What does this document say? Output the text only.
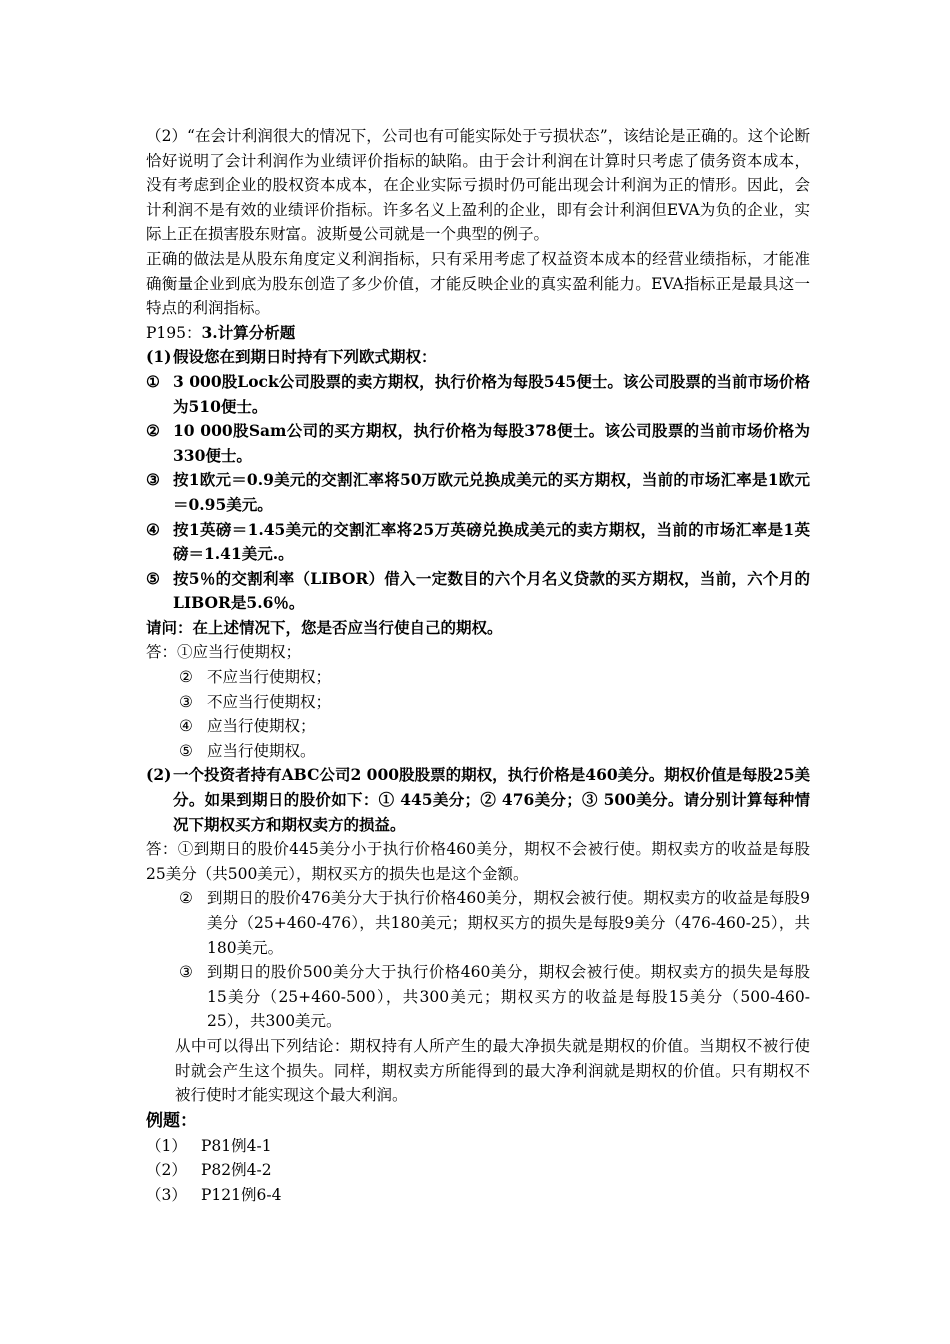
（2）“在会计利润很大的情况下，公司也有可能实际处于亏损状态”，该结论是正确的。这个论断恰好说明了会计利润作为业绩评价指标的缺陷。由于会计利润在计算时只考虑了债务资本成本，没有考虑到企业的股权资本成本，在企业实际亏损时仍可能出现会计利润为正的情形。因此，会计利润不是有效的业绩评价指标。许多名义上盈利的企业，即有会计利润但EVA为负的企业，实际上正在损害股东财富。波斯曼公司就是一个典型的例子。

正确的做法是从股东角度定义利润指标，只有采用考虑了权益资本成本的经营业绩指标，才能准确衡量企业到底为股东创造了多少价值，才能反映企业的真实盈利能力。EVA指标正是最具这一特点的利润指标。

P195：3.计算分析题

(1) 假设您在到期日时持有下列欧式期权：
① 3 000股Lock公司股票的卖方期权，执行价格为每股545便士。该公司股票的当前市场价格为510便士。
② 10 000股Sam公司的买方期权，执行价格为每股378便士。该公司股票的当前市场价格为330便士。
③ 按1欧元＝0.9美元的交割汇率将50万欧元兑换成美元的买方期权，当前的市场汇率是1欧元＝0.95美元。
④ 按1英磅＝1.45美元的交割汇率将25万英磅兑换成美元的卖方期权，当前的市场汇率是1英磅＝1.41美元.。
⑤ 按5％的交割利率（LIBOR）借入一定数目的六个月名义贷款的买方期权，当前，六个月的LIBOR是5.6％。

请问：在上述情况下，您是否应当行使自己的期权。

答：①应当行使期权；

② 不应当行使期权；
③ 不应当行使期权；
④ 应当行使期权；
⑤ 应当行使期权。
(2) 一个投资者持有ABC公司2 000股股票的期权，执行价格是460美分。期权价值是每股25美分。如果到期日的股价如下：① 445美分；② 476美分；③ 500美分。请分别计算每种情况下期权买方和期权卖方的损益。

答：①到期日的股价445美分小于执行价格460美分，期权不会被行使。期权卖方的收益是每股25美分（共500美元），期权买方的损失也是这个金额。

② 到期日的股价476美分大于执行价格460美分，期权会被行使。期权卖方的收益是每股9美分（25+460-476），共180美元；期权买方的损失是每股9美分（476-460-25），共180美元。
③ 到期日的股价500美分大于执行价格460美分，期权会被行使。期权卖方的损失是每股15美分（25+460-500），共300美元；期权买方的收益是每股15美分（500-460-25），共300美元。

从中可以得出下列结论：期权持有人所产生的最大净损失就是期权的价值。当期权不被行使时就会产生这个损失。同样，期权卖方所能得到的最大净利润就是期权的价值。只有期权不被行使时才能实现这个最大利润。

例题：

（1） P81例4-1
（2） P82例4-2
（3） P121例6-4
